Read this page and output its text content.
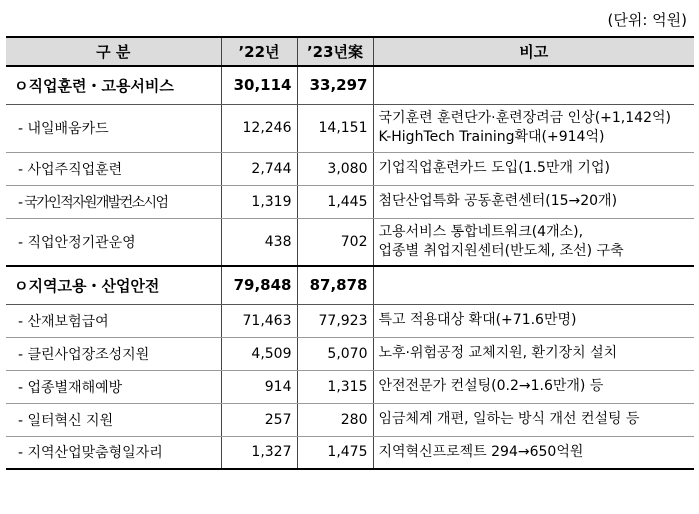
(단위: 억원)
구 분	’22년	’23년案	비고
ㅇ직업훈련・고용서비스	30,114	33,297	
- 내일배움카드	12,246	14,151	국기훈련 훈련단가·훈련장려금 인상(+1,142억)
K-HighTech Training확대(+914억)

- 사업주직업훈련	2,744	3,080	기업직업훈련카드 도입(1.5만개 기업)

- 국가인적자원개발컨소시엄	1,319	1,445	첨단산업특화 공동훈련센터(15→20개)

- 직업안정기관운영	438	702	고용서비스 통합네트워크(4개소),
업종별 취업지원센터(반도체, 조선) 구축

ㅇ지역고용・산업안전	79,848	87,878	
- 산재보험급여	71,463	77,923	특고 적용대상 확대(+71.6만명)

- 클린사업장조성지원	4,509	5,070	노후·위험공정 교체지원, 환기장치 설치

- 업종별재해예방	914	1,315	안전전문가 컨설팅(0.2→1.6만개) 등

- 일터혁신 지원	257	280	임금체계 개편, 일하는 방식 개선 컨설팅 등

- 지역산업맞춤형일자리	1,327	1,475	지역혁신프로젝트 294→650억원
